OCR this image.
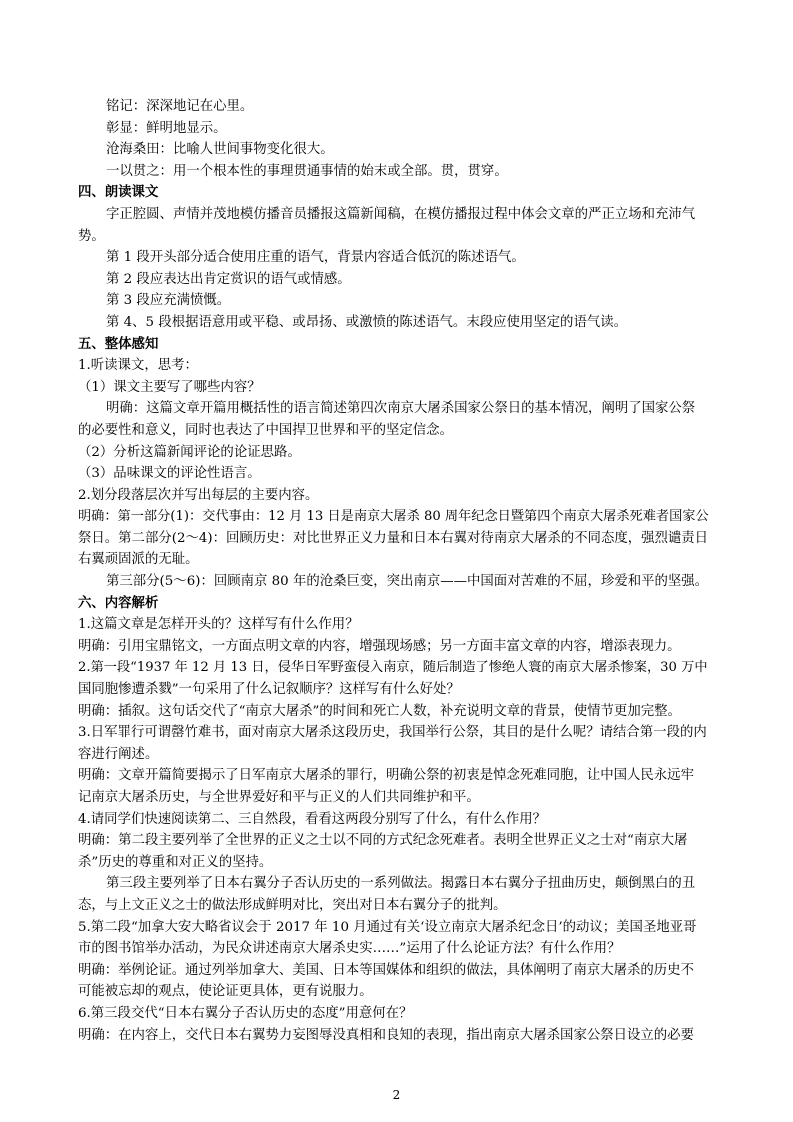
铭记：深深地记在心里。
彰显：鲜明地显示。
沧海桑田：比喻人世间事物变化很大。
一以贯之：用一个根本性的事理贯通事情的始末或全部。贯，贯穿。
四、朗读课文
字正腔圆、声情并茂地模仿播音员播报这篇新闻稿，在模仿播报过程中体会文章的严正立场和充沛气
势。
第 1 段开头部分适合使用庄重的语气，背景内容适合低沉的陈述语气。
第 2 段应表达出肯定赏识的语气或情感。
第 3 段应充满愤慨。
第 4、5 段根据语意用或平稳、或昂扬、或激愤的陈述语气。末段应使用坚定的语气读。
五、整体感知
1.听读课文，思考：
（1）课文主要写了哪些内容？
明确：这篇文章开篇用概括性的语言简述第四次南京大屠杀国家公祭日的基本情况，阐明了国家公祭
的必要性和意义，同时也表达了中国捍卫世界和平的坚定信念。
（2）分析这篇新闻评论的论证思路。
（3）品味课文的评论性语言。
2.划分段落层次并写出每层的主要内容。
明确：第一部分(1)：交代事由：12 月 13 日是南京大屠杀 80 周年纪念日暨第四个南京大屠杀死难者国家公
祭日。第二部分(2～4)：回顾历史：对比世界正义力量和日本右翼对待南京大屠杀的不同态度，强烈谴责日
右翼顽固派的无耻。
第三部分(5～6)：回顾南京 80 年的沧桑巨变，突出南京——中国面对苦难的不屈，珍爱和平的坚强。
六、内容解析
1.这篇文章是怎样开头的？这样写有什么作用？
明确：引用宝鼎铭文，一方面点明文章的内容，增强现场感；另一方面丰富文章的内容，增添表现力。
2.第一段“1937 年 12 月 13 日，侵华日军野蛮侵入南京，随后制造了惨绝人寰的南京大屠杀惨案，30 万中
国同胞惨遭杀戮”一句采用了什么记叙顺序？这样写有什么好处？
明确：插叙。这句话交代了“南京大屠杀”的时间和死亡人数，补充说明文章的背景，使情节更加完整。
3.日军罪行可谓罄竹难书，面对南京大屠杀这段历史，我国举行公祭，其目的是什么呢？请结合第一段的内
容进行阐述。
明确：文章开篇简要揭示了日军南京大屠杀的罪行，明确公祭的初衷是悼念死难同胞，让中国人民永远牢
记南京大屠杀历史，与全世界爱好和平与正义的人们共同维护和平。
4.请同学们快速阅读第二、三自然段，看看这两段分别写了什么，有什么作用？
明确：第二段主要列举了全世界的正义之士以不同的方式纪念死难者。表明全世界正义之士对“南京大屠
杀”历史的尊重和对正义的坚持。
第三段主要列举了日本右翼分子否认历史的一系列做法。揭露日本右翼分子扭曲历史，颠倒黑白的丑
态，与上文正义之士的做法形成鲜明对比，突出对日本右翼分子的批判。
5.第二段“加拿大安大略省议会于 2017 年 10 月通过有关‘设立南京大屠杀纪念日’的动议；美国圣地亚哥
市的图书馆举办活动，为民众讲述南京大屠杀史实……”运用了什么论证方法？有什么作用？
明确：举例论证。通过列举加拿大、美国、日本等国媒体和组织的做法，具体阐明了南京大屠杀的历史不
可能被忘却的观点，使论证更具体，更有说服力。
6.第三段交代“日本右翼分子否认历史的态度”用意何在？
明确：在内容上，交代日本右翼势力妄图辱没真相和良知的表现，指出南京大屠杀国家公祭日设立的必要
2
